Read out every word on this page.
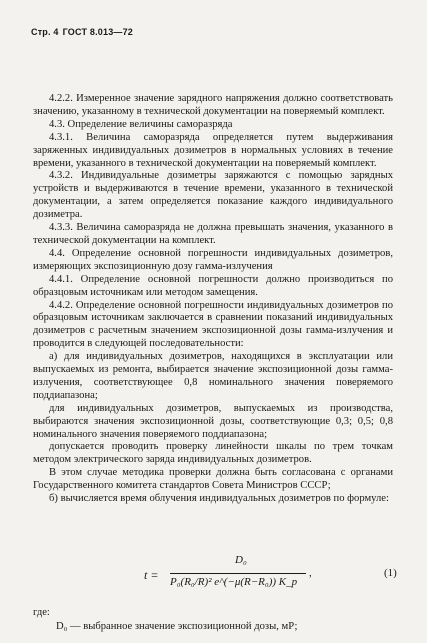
Стр. 4 ГОСТ 8.013—72

4.2.2. Измеренное значение зарядного напряжения должно соответствовать значению, указанному в технической документации на поверяемый комплект.

4.3. Определение величины саморазряда

4.3.1. Величина саморазряда определяется путем выдерживания заряженных индивидуальных дозиметров в нормальных условиях в течение времени, указанного в технической документации на поверяемый комплект.

4.3.2. Индивидуальные дозиметры заряжаются с помощью зарядных устройств и выдерживаются в течение времени, указанного в технической документации, а затем определяется показание каждого индивидуального дозиметра.

4.3.3. Величина саморазряда не должна превышать значения, указанного в технической документации на комплект.

4.4. Определение основной погрешности индивидуальных дозиметров, измеряющих экспозиционную дозу гамма-излучения

4.4.1. Определение основной погрешности должно производиться по образцовым источникам или методом замещения.

4.4.2. Определение основной погрешности индивидуальных дозиметров по образцовым источникам заключается в сравнении показаний индивидуальных дозиметров с расчетным значением экспозиционной дозы гамма-излучения и проводится в следующей последовательности:

а) для индивидуальных дозиметров, находящихся в эксплуатации или выпускаемых из ремонта, выбирается значение экспозиционной дозы гамма-излучения, соответствующее 0,8 номинального значения поверяемого поддиапазона;

для индивидуальных дозиметров, выпускаемых из производства, выбираются значения экспозиционной дозы, соответствующие 0,3; 0,5; 0,8 номинального значения поверяемого поддиапазона;

допускается проводить проверку линейности шкалы по трем точкам методом электрического заряда индивидуальных дозиметров.

В этом случае методика проверки должна быть согласована с органами Государственного комитета стандартов Совета Министров СССР;

б) вычисляется время облучения индивидуальных дозиметров по формуле:

t =
D₀
P₀(R₀/R)² e^(−μ(R−R₀)) K_p
,	(1)
где:
D₀ — выбранное значение экспозиционной дозы, мР;
